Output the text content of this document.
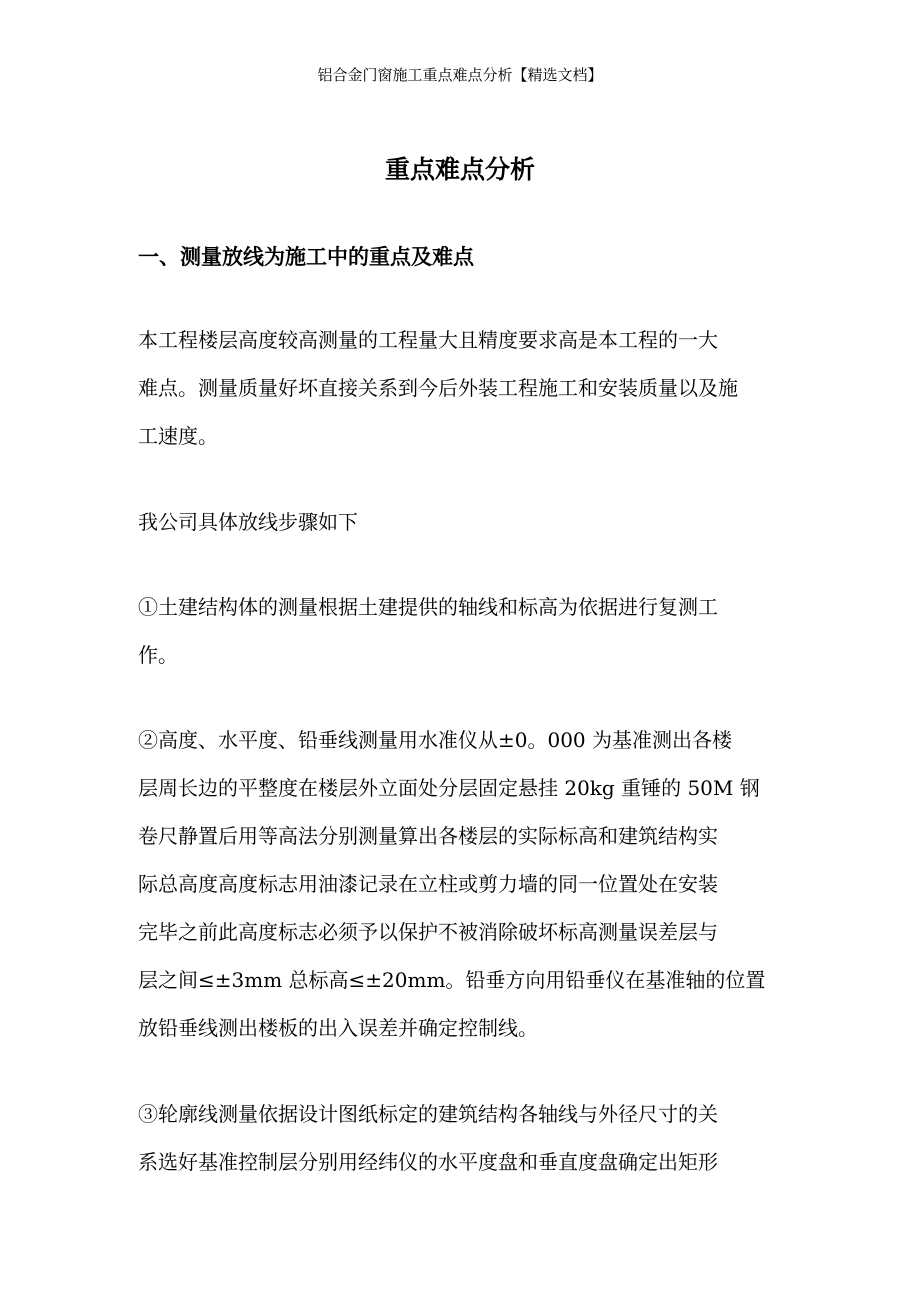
铝合金门窗施工重点难点分析【精选文档】
重点难点分析
一、测量放线为施工中的重点及难点

本工程楼层高度较高测量的工程量大且精度要求高是本工程的一大
难点。测量质量好坏直接关系到今后外装工程施工和安装质量以及施
工速度。

我公司具体放线步骤如下

①土建结构体的测量根据土建提供的轴线和标高为依据进行复测工
作。

②高度、水平度、铅垂线测量用水准仪从±0。000 为基准测出各楼
层周长边的平整度在楼层外立面处分层固定悬挂 20kg 重锤的 50M 钢
卷尺静置后用等高法分别测量算出各楼层的实际标高和建筑结构实
际总高度高度标志用油漆记录在立柱或剪力墙的同一位置处在安装
完毕之前此高度标志必须予以保护不被消除破坏标高测量误差层与
层之间≤±3mm 总标高≤±20mm。铅垂方向用铅垂仪在基准轴的位置
放铅垂线测出楼板的出入误差并确定控制线。

③轮廓线测量依据设计图纸标定的建筑结构各轴线与外径尺寸的关
系选好基准控制层分别用经纬仪的水平度盘和垂直度盘确定出矩形
